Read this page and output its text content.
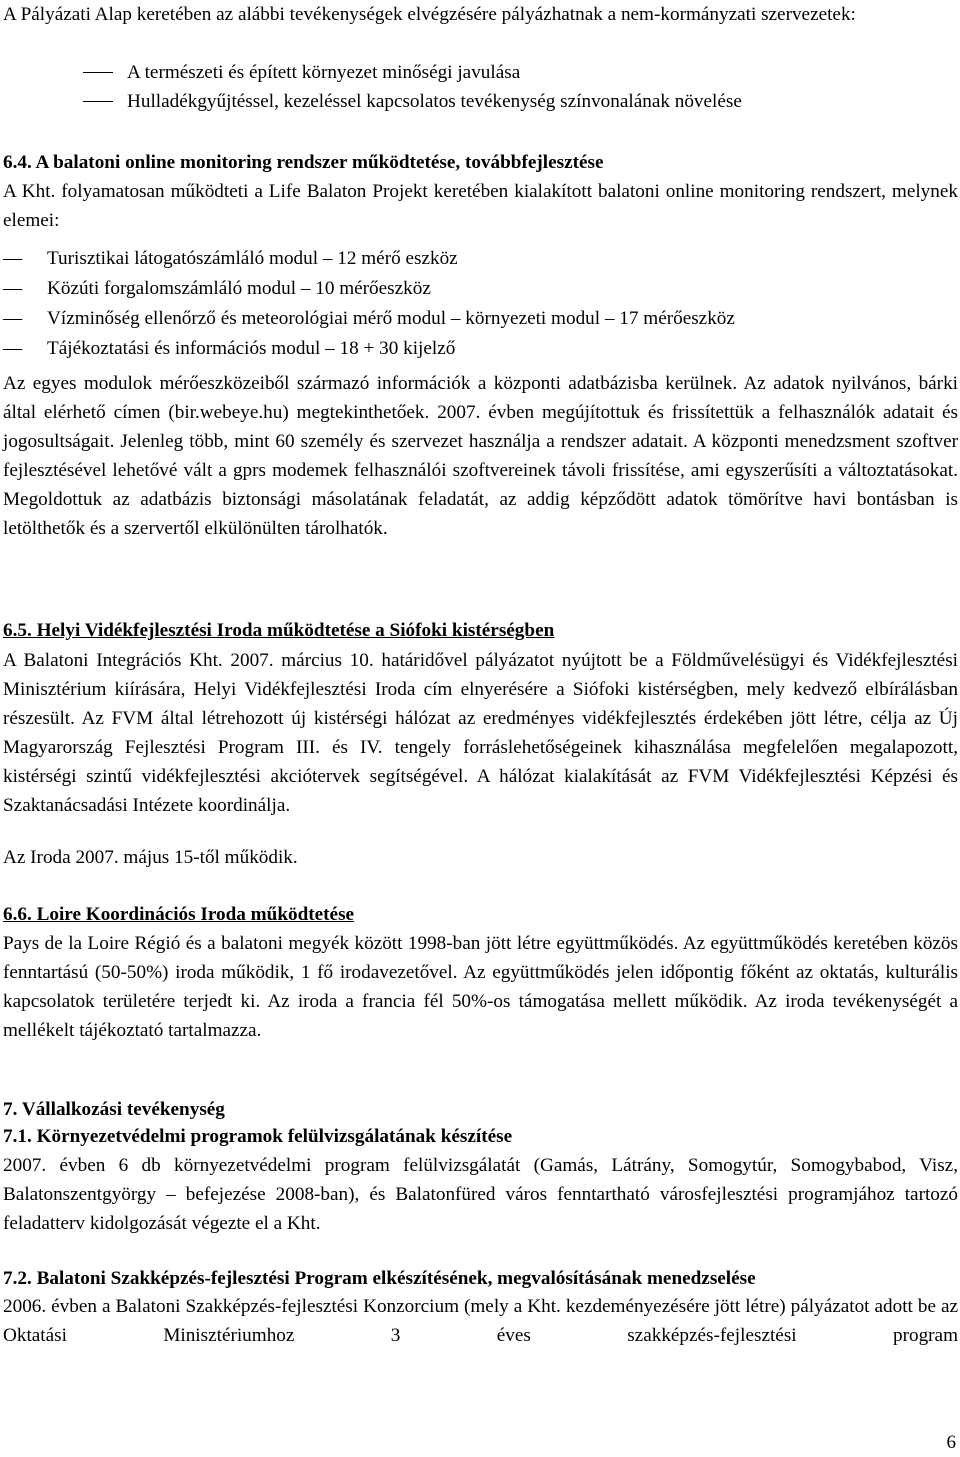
A Pályázati Alap keretében az alábbi tevékenységek elvégzésére pályázhatnak a nem-kormányzati szervezetek:

A természeti és épített környezet minőségi javulása
Hulladékgyűjtéssel, kezeléssel kapcsolatos tevékenység színvonalának növelése

6.4. A balatoni online monitoring rendszer működtetése, továbbfejlesztése

A Kht. folyamatosan működteti a Life Balaton Projekt keretében kialakított balatoni online monitoring rendszert, melynek elemei:

—
Turisztikai látogatószámláló modul – 12 mérő eszköz
—
Közúti forgalomszámláló modul – 10 mérőeszköz
—
Vízminőség ellenőrző és meteorológiai mérő modul – környezeti modul – 17 mérőeszköz
—
Tájékoztatási és információs modul – 18 + 30 kijelző

Az egyes modulok mérőeszközeiből származó információk a központi adatbázisba kerülnek. Az adatok nyilvános, bárki által elérhető címen (bir.webeye.hu) megtekinthetőek. 2007. évben megújítottuk és frissítettük a felhasználók adatait és jogosultságait. Jelenleg több, mint 60 személy és szervezet használja a rendszer adatait. A központi menedzsment szoftver fejlesztésével lehetővé vált a gprs modemek felhasználói szoftvereinek távoli frissítése, ami egyszerűsíti a változtatásokat. Megoldottuk az adatbázis biztonsági másolatának feladatát, az addig képződött adatok tömörítve havi bontásban is letölthetők és a szervertől elkülönülten tárolhatók.

6.5. Helyi Vidékfejlesztési Iroda működtetése a Siófoki kistérségben

A Balatoni Integrációs Kht. 2007. március 10. határidővel pályázatot nyújtott be a Földművelésügyi és Vidékfejlesztési Minisztérium kiírására, Helyi Vidékfejlesztési Iroda cím elnyerésére a Siófoki kistérségben, mely kedvező elbírálásban részesült. Az FVM által létrehozott új kistérségi hálózat az eredményes vidékfejlesztés érdekében jött létre, célja az Új Magyarország Fejlesztési Program III. és IV. tengely forráslehetőségeinek kihasználása megfelelően megalapozott, kistérségi szintű vidékfejlesztési akciótervek segítségével. A hálózat kialakítását az FVM Vidékfejlesztési Képzési és Szaktanácsadási Intézete koordinálja.

Az Iroda 2007. május 15-től működik.

6.6. Loire Koordinációs Iroda működtetése

Pays de la Loire Régió és a balatoni megyék között 1998-ban jött létre együttműködés. Az együttműködés keretében közös fenntartású (50-50%) iroda működik, 1 fő irodavezetővel. Az együttműködés jelen időpontig főként az oktatás, kulturális kapcsolatok területére terjedt ki. Az iroda a francia fél 50%-os támogatása mellett működik. Az iroda tevékenységét a mellékelt tájékoztató tartalmazza.

7. Vállalkozási tevékenység

7.1. Környezetvédelmi programok felülvizsgálatának készítése

2007. évben 6 db környezetvédelmi program felülvizsgálatát (Gamás, Látrány, Somogytúr, Somogybabod, Visz, Balatonszentgyörgy – befejezése 2008-ban), és Balatonfüred város fenntartható városfejlesztési programjához tartozó feladatterv kidolgozását végezte el a Kht.

7.2. Balatoni Szakképzés-fejlesztési Program elkészítésének, megvalósításának menedzselése

2006. évben a Balatoni Szakképzés-fejlesztési Konzorcium (mely a Kht. kezdeményezésére jött létre) pályázatot adott be az Oktatási Minisztériumhoz 3 éves szakképzés-fejlesztési program

6
